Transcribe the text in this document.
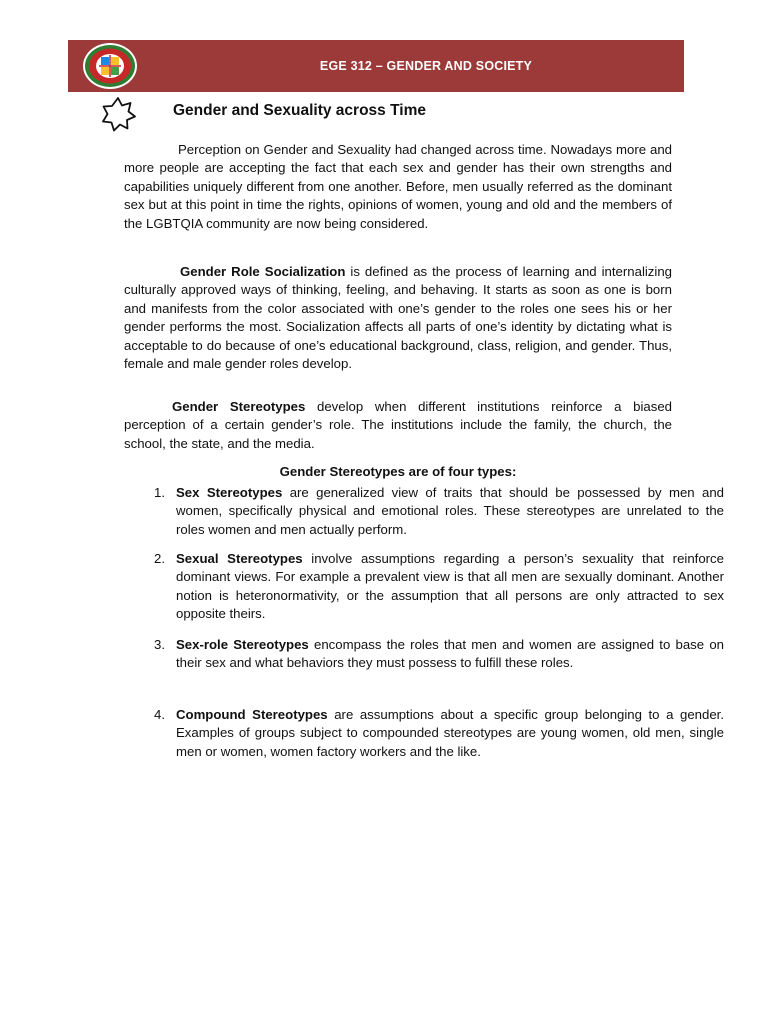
EGE 312 – GENDER AND SOCIETY
Gender and Sexuality across Time

Perception on Gender and Sexuality had changed across time. Nowadays more and more people are accepting the fact that each sex and gender has their own strengths and capabilities uniquely different from one another. Before, men usually referred as the dominant sex but at this point in time the rights, opinions of women, young and old and the members of the LGBTQIA community are now being considered.

Gender Role Socialization is defined as the process of learning and internalizing culturally approved ways of thinking, feeling, and behaving. It starts as soon as one is born and manifests from the color associated with one’s gender to the roles one sees his or her gender performs the most. Socialization affects all parts of one’s identity by dictating what is acceptable to do because of one’s educational background, class, religion, and gender. Thus, female and male gender roles develop.

Gender Stereotypes develop when different institutions reinforce a biased perception of a certain gender’s role. The institutions include the family, the church, the school, the state, and the media.

Gender Stereotypes are of four types:
1. Sex Stereotypes are generalized view of traits that should be possessed by men and women, specifically physical and emotional roles. These stereotypes are unrelated to the roles women and men actually perform.
2. Sexual Stereotypes involve assumptions regarding a person’s sexuality that reinforce dominant views. For example a prevalent view is that all men are sexually dominant. Another notion is heteronormativity, or the assumption that all persons are only attracted to sex opposite theirs.
3. Sex-role Stereotypes encompass the roles that men and women are assigned to base on their sex and what behaviors they must possess to fulfill these roles.
4. Compound Stereotypes are assumptions about a specific group belonging to a gender. Examples of groups subject to compounded stereotypes are young women, old men, single men or women, women factory workers and the like.
